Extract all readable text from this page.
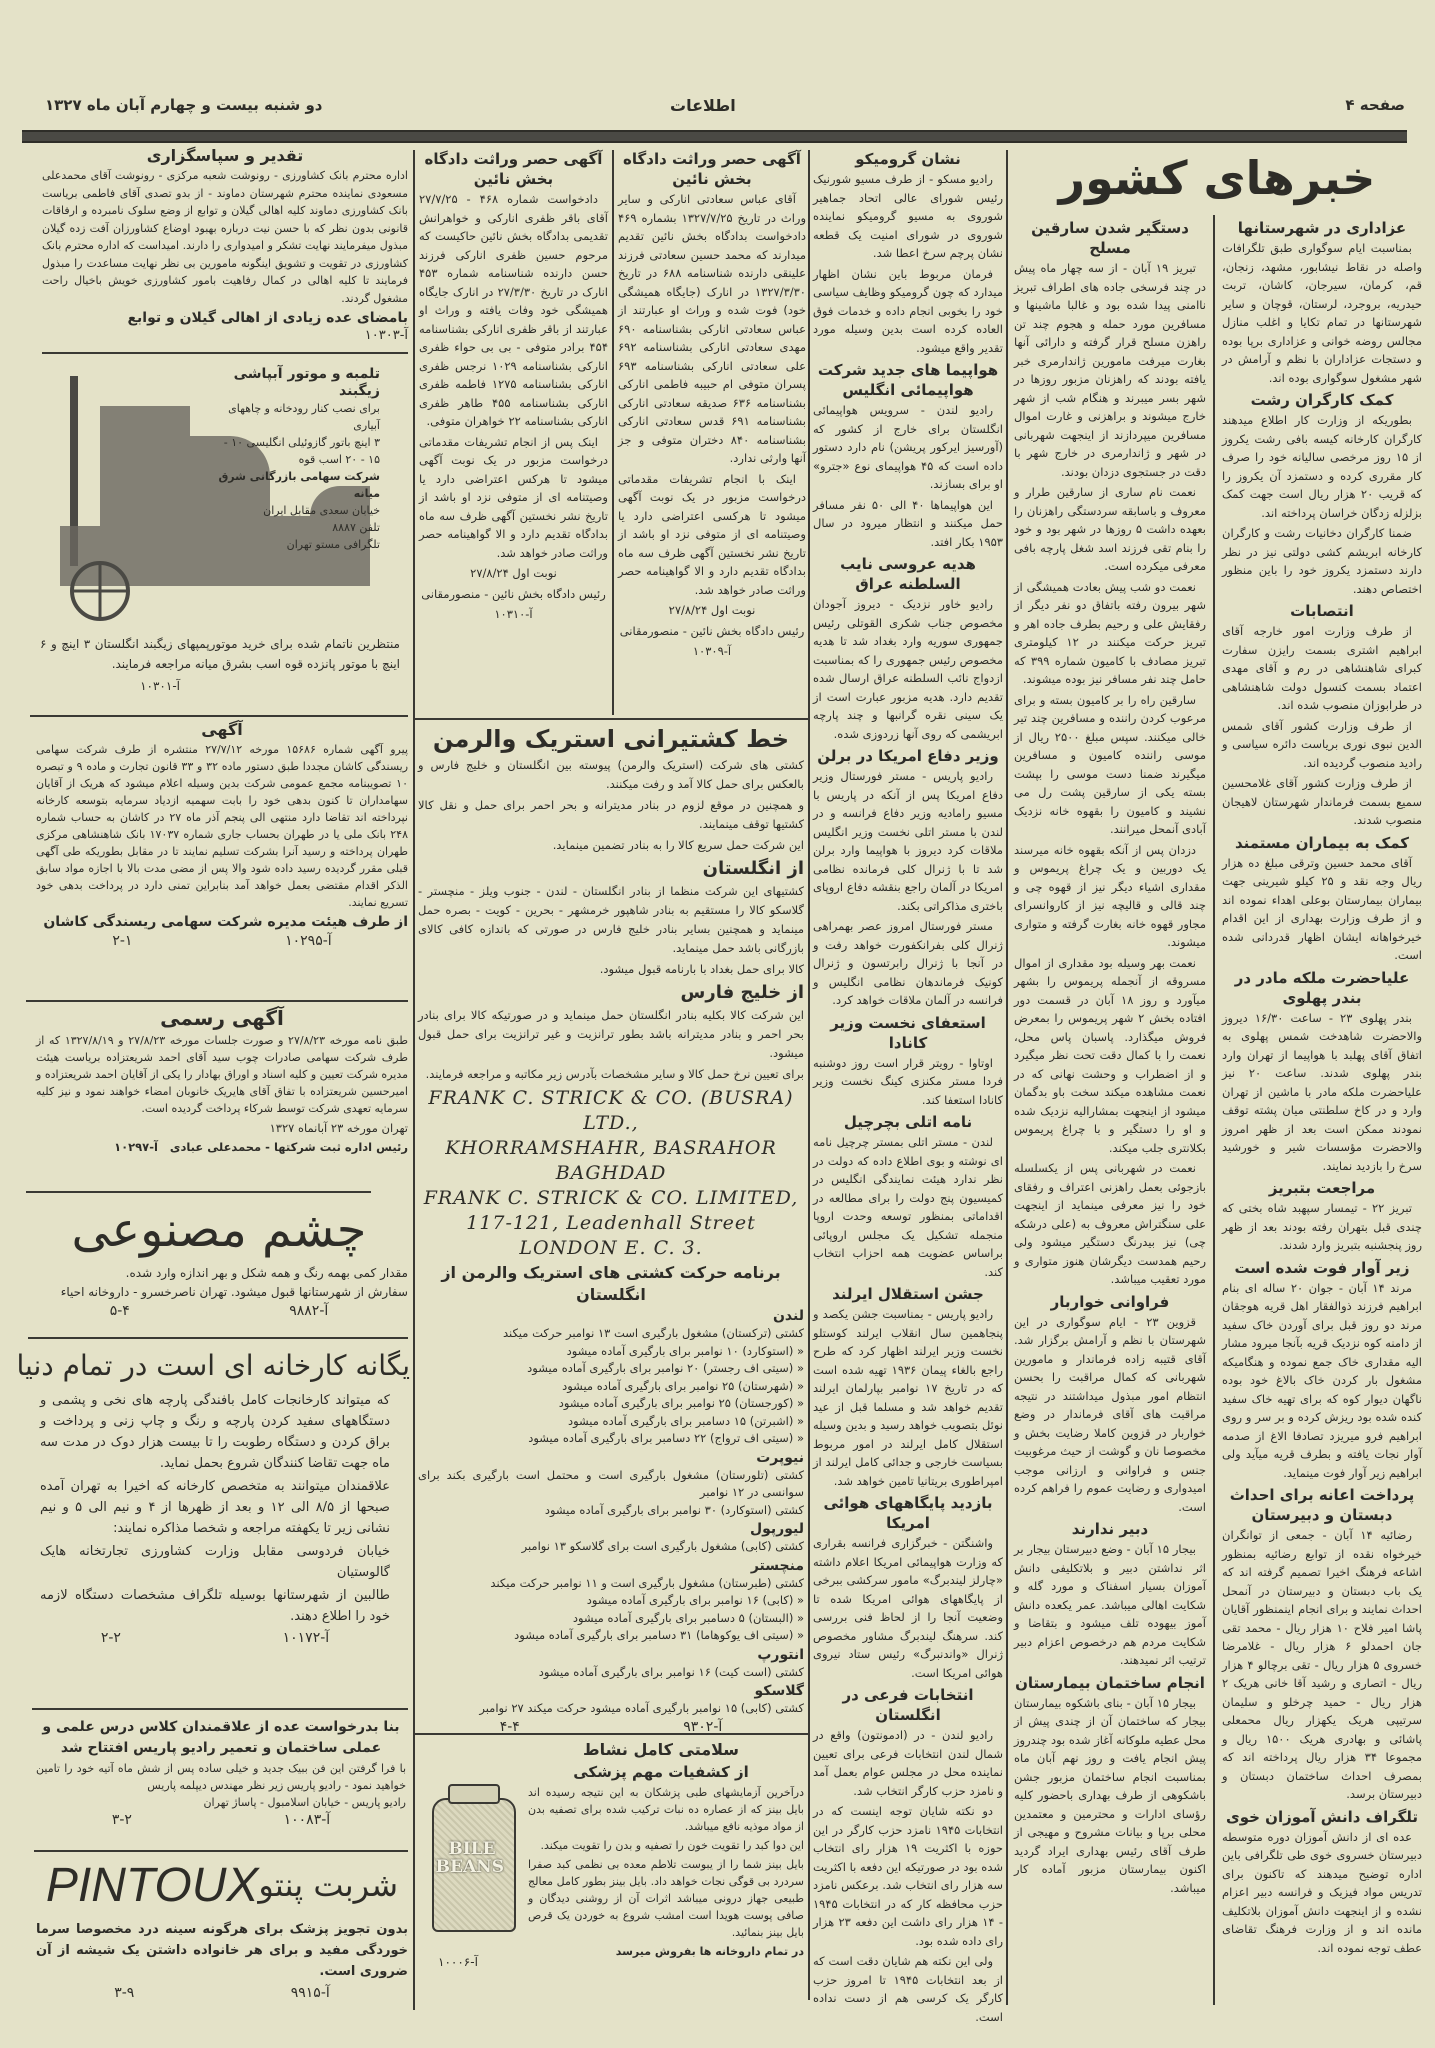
صفحه ۴
اطلاعات
دو شنبه بیست و چهارم آبان ماه ۱۳۲۷
خبرهای کشور
عزاداری در شهرستانها

بمناسبت ایام سوگواری طبق تلگرافات واصله در نقاط نیشابور، مشهد، زنجان، قم، کرمان، سیرجان، کاشان، تربت حیدریه، بروجرد، لرستان، قوچان و سایر شهرستانها در تمام تکایا و اغلب منازل مجالس روضه خوانی و عزاداری برپا بوده و دستجات عزاداران با نظم و آرامش در شهر مشغول سوگواری بوده اند.

کمک کارگران رشت

بطوریکه از وزارت کار اطلاع میدهند کارگران کارخانه کیسه بافی رشت یکروز از ۱۵ روز مرخصی سالیانه خود را صرف کار مقرری کرده و دستمزد آن یکروز را که قریب ۲۰ هزار ریال است جهت کمک بزلزله زدگان خراسان پرداخته اند.

ضمنا کارگران دخانیات رشت و کارگران کارخانه ابریشم کشی دولتی نیز در نظر دارند دستمزد یکروز خود را باین منظور اختصاص دهند.

انتصابات

از طرف وزارت امور خارجه آقای ابراهیم اشتری بسمت رایزن سفارت کبرای شاهنشاهی در رم و آقای مهدی اعتماد بسمت کنسول دولت شاهنشاهی در طرابوزان منصوب شده اند.

از طرف وزارت کشور آقای شمس الدین نبوی نوری بریاست دائره سیاسی و رادید منصوب گردیده اند.

از طرف وزارت کشور آقای غلامحسین سمیع بسمت فرماندار شهرستان لاهیجان منصوب شدند.

کمک به بیماران مستمند

آقای محمد حسین وترقی مبلغ ده هزار ریال وجه نقد و ۲۵ کیلو شیرینی جهت بیماران بیمارستان بوعلی اهداء نموده اند و از طرف وزارت بهداری از این اقدام خیرخواهانه ایشان اظهار قدردانی شده است.

علیاحضرت ملکه مادر در بندر پهلوی

بندر پهلوی ۲۳ - ساعت ۱۶/۳۰ دیروز والاحضرت شاهدخت شمس پهلوی به اتفاق آقای پهلبد با هواپیما از تهران وارد بندر پهلوی شدند. ساعت ۲۰ نیز علیاحضرت ملکه مادر با ماشین از تهران وارد و در کاخ سلطنتی میان پشته توقف نمودند ممکن است بعد از ظهر امروز والاحضرت مؤسسات شیر و خورشید سرخ را بازدید نمایند.

مراجعت بتبریز

تبریز ۲۲ - تیمسار سپهبد شاه بختی که چندی قبل بتهران رفته بودند بعد از ظهر روز پنجشنبه بتبریز وارد شدند.

زیر آوار فوت شده است

مرند ۱۴ آبان - جوان ۲۰ ساله ای بنام ابراهیم فرزند ذوالفقار اهل قریه هوجقان مرند دو روز قبل برای آوردن خاک سفید از دامنه کوه نزدیک قریه بآنجا میرود مشار الیه مقداری خاک جمع نموده و هنگامیکه مشغول بار کردن خاک بالاغ خود بوده ناگهان دیوار کوه که برای تهیه خاک سفید کنده شده بود ریزش کرده و بر سر و روی ابراهیم فرو میریزد تصادفا الاغ از صدمه آوار نجات یافته و بطرف قریه میآید ولی ابراهیم زیر آوار فوت مینماید.

پرداخت اعانه برای احداث دبستان و دبیرستان

رضائیه ۱۴ آبان - جمعی از توانگران خیرخواه نقده از توابع رضائیه بمنظور اشاعه فرهنگ اخیرا تصمیم گرفته اند که یک باب دبستان و دبیرستان در آنمحل احداث نمایند و برای انجام اینمنظور آقایان پاشا امیر فلاح ۱۰ هزار ریال - محمد تقی جان احمدلو ۶ هزار ریال - غلامرضا خسروی ۵ هزار ریال - تقی برچالو ۴ هزار ریال - اتصاری و رشید آقا خانی هریک ۲ هزار ریال - حمید چرخلو و سلیمان سرتیپی هریک یکهزار ریال محمعلی پاشائی و بهادری هریک ۱۵۰۰ ریال و مجموعا ۳۴ هزار ریال پرداخته اند که بمصرف احداث ساختمان دبستان و دبیرستان برسد.

تلگراف دانش آموزان خوی

عده ای از دانش آموزان دوره متوسطه دبیرستان خسروی خوی طی تلگرافی باین اداره توضیح میدهند که تاکنون برای تدریس مواد فیزیک و فرانسه دبیر اعزام نشده و از اینجهت دانش آموزان بلاتکلیف مانده اند و از وزارت فرهنگ تقاضای عطف توجه نموده اند.

دستگیر شدن سارقین مسلح

تبریز ۱۹ آبان - از سه چهار ماه پیش در چند فرسخی جاده های اطراف تبریز ناامنی پیدا شده بود و غالبا ماشینها و مسافرین مورد حمله و هجوم چند تن راهزن مسلح قرار گرفته و دارائی آنها بغارت میرفت مامورین ژاندارمری خبر یافته بودند که راهزنان مزبور روزها در شهر بسر میبرند و هنگام شب از شهر خارج میشوند و براهزنی و غارت اموال مسافرین میپردازند از اینجهت شهربانی در شهر و ژاندارمری در خارج شهر با دقت در جستجوی دزدان بودند.

نعمت نام ساری از سارقین طرار و معروف و باسابقه سردستگی راهزنان را بعهده داشت ۵ روزها در شهر بود و خود را بنام تقی فرزند اسد شغل پارچه بافی معرفی میکرده است.

نعمت دو شب پیش بعادت همیشگی از شهر بیرون رفته باتفاق دو نفر دیگر از رفقایش علی و رحیم بطرف جاده اهر و تبریز حرکت میکنند در ۱۲ کیلومتری تبریز مصادف با کامیون شماره ۳۹۹ که حامل چند نفر مسافر نیز بوده میشوند.

سارقین راه را بر کامیون بسته و برای مرعوب کردن راننده و مسافرین چند تیر خالی میکنند. سپس مبلغ ۲۵۰۰ ریال از موسی راننده کامیون و مسافرین میگیرند ضمنا دست موسی را بپشت بسته یکی از سارقین پشت رل می نشیند و کامیون را بقهوه خانه نزدیک آبادی آنمحل میرانند.

دزدان پس از آنکه بقهوه خانه میرسند یک دوربین و یک چراغ پریموس و مقداری اشیاء دیگر نیز از قهوه چی و چند قالی و قالیچه نیز از کاروانسرای مجاور قهوه خانه بغارت گرفته و متواری میشوند.

نعمت بهر وسیله بود مقداری از اموال مسروقه از آنجمله پریموس را بشهر میآورد و روز ۱۸ آبان در قسمت دور افتاده بخش ۲ شهر پریموس را بمعرض فروش میگذارد. پاسبان پاس محل، نعمت را با کمال دقت تحت نظر میگیرد و از اضطراب و وحشت نهانی که در نعمت مشاهده میکند سخت باو بدگمان میشود از اینجهت بمشارالیه نزدیک شده و او را دستگیر و با چراغ پریموس بکلانتری جلب میکند.

نعمت در شهربانی پس از یکسلسله بازجوئی بعمل راهزنی اعتراف و رفقای خود را نیز معرفی مینماید از اینجهت علی سنگتراش معروف به (علی درشکه چی) نیز بیدرنگ دستگیر میشود ولی رحیم همدست دیگرشان هنوز متواری و مورد تعقیب میباشد.

فراوانی خواربار

قزوین ۲۳ - ایام سوگواری در این شهرستان با نظم و آرامش برگزار شد. آقای قتیبه زاده فرماندار و مامورین شهربانی که کمال مراقبت را بحسن انتظام امور مبذول میداشتند در نتیجه مراقبت های آقای فرماندار در وضع خواربار در قزوین کاملا رضایت بخش و مخصوصا نان و گوشت از حیث مرغوبیت جنس و فراوانی و ارزانی موجب امیدواری و رضایت عموم را فراهم کرده است.

دبیر ندارند

بیجار ۱۵ آبان - وضع دبیرستان بیجار بر اثر نداشتن دبیر و بلاتکلیفی دانش آموزان بسیار اسفناک و مورد گله و شکایت اهالی میباشد. عمر یکعده دانش آموز بیهوده تلف میشود و بتقاضا و شکایت مردم هم درخصوص اعزام دبیر ترتیب اثر نمیدهند.

انجام ساختمان بیمارستان

بیجار ۱۵ آبان - بنای باشکوه بیمارستان بیجار که ساختمان آن از چندی پیش از محل عطیه ملوکانه آغاز شده بود چندروز پیش انجام یافت و روز نهم آبان ماه بمناسبت انجام ساختمان مزبور جشن باشکوهی از طرف بهداری باحضور کلیه رؤسای ادارات و محترمین و معتمدین محلی برپا و بیانات مشروح و مهیجی از طرف آقای رئیس بهداری ایراد گردید اکنون بیمارستان مزبور آماده کار میباشد.

نشان گرومیکو

رادیو مسکو - از طرف مسیو شورنیک رئیس شورای عالی اتحاد جماهیر شوروی به مسیو گرومیکو نماینده شوروی در شورای امنیت یک قطعه نشان پرچم سرخ اعطا شد.

فرمان مربوط باین نشان اظهار میدارد که چون گرومیکو وظایف سیاسی خود را بخوبی انجام داده و خدمات فوق العاده کرده است بدین وسیله مورد تقدیر واقع میشود.

هواپیما های جدید شرکت هواپیمائی انگلیس

رادیو لندن - سرویس هواپیمائی انگلستان برای خارج از کشور که (آورسیز ایرکور پریشن) نام دارد دستور داده است که ۴۵ هواپیمای نوع «جترو» او برای بسازند.

این هواپیماها ۴۰ الی ۵۰ نفر مسافر حمل میکنند و انتظار میرود در سال ۱۹۵۳ بکار افتد.

هدیه عروسی نایب السلطنه عراق

رادیو خاور نزدیک - دیروز آجودان مخصوص جناب شکری القوتلی رئیس جمهوری سوریه وارد بغداد شد تا هدیه مخصوص رئیس جمهوری را که بمناسبت ازدواج نائب السلطنه عراق ارسال شده تقدیم دارد. هدیه مزبور عبارت است از یک سینی نقره گرانبها و چند پارچه ابریشمی که روی آنها زردوزی شده.

وزیر دفاع امریکا در برلن

رادیو پاریس - مستر فورستال وزیر دفاع امریکا پس از آنکه در پاریس با مسیو رامادیه وزیر دفاع فرانسه و در لندن با مستر اتلی نخست وزیر انگلیس ملاقات کرد دیروز با هواپیما وارد برلن شد تا با ژنرال کلی فرمانده نظامی امریکا در آلمان راجع بنقشه دفاع اروپای باختری مذاکراتی بکند.

مستر فورستال امروز عصر بهمراهی ژنرال کلی بفرانکفورت خواهد رفت و در آنجا با ژنرال رابرتسون و ژنرال کونیک فرماندهان نظامی انگلیس و فرانسه در آلمان ملاقات خواهد کرد.

استعفای نخست وزیر کانادا

اوتاوا - رویتر قرار است روز دوشنبه فردا مستر مکنزی کینگ نخست وزیر کانادا استعفا کند.

نامه اتلی بچرچیل

لندن - مستر اتلی بمستر چرچیل نامه ای نوشته و بوی اطلاع داده که دولت در نظر ندارد هیئت نمایندگی انگلیس در کمیسیون پنج دولت را برای مطالعه در اقداماتی بمنظور توسعه وحدت اروپا منجمله تشکیل یک مجلس اروپائی براساس عضویت همه احزاب انتخاب کند.

جشن استقلال ایرلند

رادیو پاریس - بمناسبت جشن یکصد و پنجاهمین سال انقلاب ایرلند کوستلو نخست وزیر ایرلند اظهار کرد که طرح راجع بالغاء پیمان ۱۹۳۶ تهیه شده است که در تاریخ ۱۷ نوامبر بپارلمان ایرلند تقدیم خواهد شد و مسلما قبل از عید نوئل بتصویب خواهد رسید و بدین وسیله استقلال کامل ایرلند در امور مربوط بسیاست خارجی و جدائی کامل ایرلند از امپراطوری بریتانیا تامین خواهد شد.

بازدید پایگاههای هوائی امریکا

واشنگتن - خبرگزاری فرانسه بقراری که وزارت هواپیمائی امریکا اعلام داشته «چارلز لیندبرگ» مامور سرکشی ببرخی از پایگاههای هوائی امریکا شده تا وضعیت آنجا را از لحاظ فنی بررسی کند. سرهنگ لیندبرگ مشاور مخصوص ژنرال «واندنبرگ» رئیس ستاد نیروی هوائی امریکا است.

انتخابات فرعی در انگلستان

رادیو لندن - در (ادمونتون) واقع در شمال لندن انتخابات فرعی برای تعیین نماینده محل در مجلس عوام بعمل آمد و نامزد حزب کارگر انتخاب شد.

دو نکته شایان توجه اینست که در انتخابات ۱۹۴۵ نامزد حزب کارگر در این حوزه با اکثریت ۱۹ هزار رای انتخاب شده بود در صورتیکه این دفعه با اکثریت سه هزار رای انتخاب شد. برعکس نامزد حزب محافظه کار که در انتخابات ۱۹۴۵ - ۱۴ هزار رای داشت این دفعه ۲۳ هزار رای داده شده بود.

ولی این نکته هم شایان دقت است که از بعد انتخابات ۱۹۴۵ تا امروز حزب کارگر یک کرسی هم از دست نداده است.

آگهی حصر وراثت دادگاه بخش نائین

آقای عباس سعادتی انارکی و سایر وراث در تاریخ ۱۳۲۷/۷/۲۵ بشماره ۴۶۹ دادخواست بدادگاه بخش نائین تقدیم میدارند که محمد حسین سعادتی فرزند علینقی دارنده شناسنامه ۶۸۸ در تاریخ ۱۳۲۷/۳/۳۰ در انارک (جایگاه همیشگی خود) فوت شده و وراث او عبارتند از عباس سعادتی انارکی بشناسنامه ۶۹۰ مهدی سعادتی انارکی بشناسنامه ۶۹۲ علی سعادتی انارکی بشناسنامه ۶۹۳ پسران متوفی ام حبیبه فاطمی انارکی بشناسنامه ۶۳۶ صدیقه سعادتی انارکی بشناسنامه ۶۹۱ قدس سعادتی انارکی بشناسنامه ۸۴۰ دختران متوفی و جز آنها وارثی ندارد.

اینک با انجام تشریفات مقدماتی درخواست مزبور در یک نوبت آگهی میشود تا هرکسی اعتراضی دارد یا وصیتنامه ای از متوفی نزد او باشد از تاریخ نشر نخستین آگهی ظرف سه ماه بدادگاه تقدیم دارد و الا گواهینامه حصر وراثت صادر خواهد شد.

نوبت اول ۲۷/۸/۲۴

رئیس دادگاه بخش نائین - منصورمقانی

آ-۱۰۳۰۹

آگهی حصر وراثت دادگاه بخش نائین

دادخواست شماره ۴۶۸ - ۲۷/۷/۲۵ آقای باقر ظفری انارکی و خواهرانش تقدیمی بدادگاه بخش نائین حاکیست که مرحوم حسین ظفری انارکی فرزند حسن دارنده شناسنامه شماره ۴۵۳ انارک در تاریخ ۲۷/۳/۳۰ در انارک جایگاه همیشگی خود وفات یافته و وراث او عبارتند از باقر ظفری انارکی بشناسنامه ۴۵۴ برادر متوفی - بی بی حواء ظفری انارکی بشناسنامه ۱۰۲۹ نرجس ظفری انارکی بشناسنامه ۱۲۷۵ فاطمه ظفری انارکی بشناسنامه ۴۵۵ طاهر ظفری انارکی بشناسنامه ۲۲ خواهران متوفی.

اینک پس از انجام تشریفات مقدماتی درخواست مزبور در یک نوبت آگهی میشود تا هرکس اعتراضی دارد یا وصیتنامه ای از متوفی نزد او باشد از تاریخ نشر نخستین آگهی ظرف سه ماه بدادگاه تقدیم دارد و الا گواهینامه حصر وراثت صادر خواهد شد.

نوبت اول ۲۷/۸/۲۴

رئیس دادگاه بخش نائین - منصورمقانی

آ-۱۰۳۱۰

خط کشتیرانی استریک والرمن

کشتی های شرکت (استریک والرمن) پیوسته بین انگلستان و خلیج فارس و بالعکس برای حمل کالا آمد و رفت میکنند.

و همچنین در موقع لزوم در بنادر مدیترانه و بحر احمر برای حمل و نقل کالا کشتیها توقف مینمایند.

این شرکت حمل سریع کالا را به بنادر تضمین مینماید.

از انگلستان

کشتیهای این شرکت منظما از بنادر انگلستان - لندن - جنوب ویلز - منچستر - گلاسکو کالا را مستقیم به بنادر شاهپور خرمشهر - بحرین - کویت - بصره حمل مینماید و همچنین بسایر بنادر خلیج فارس در صورتی که باندازه کافی کالای بازرگانی باشد حمل مینماید.

کالا برای حمل بغداد با بارنامه قبول میشود.

از خلیج فارس

این شرکت کالا بکلیه بنادر انگلستان حمل مینماید و در صورتیکه کالا برای بنادر بحر احمر و بنادر مدیترانه باشد بطور ترانزیت و غیر ترانزیت برای حمل قبول میشود.

برای تعیین نرخ حمل کالا و سایر مشخصات بآدرس زیر مکاتبه و مراجعه فرمایند.

FRANK C. STRICK & CO. (BUSRA) LTD.,
KHORRAMSHAHR, BASRAHOR BAGHDAD
FRANK C. STRICK & CO. LIMITED,
117-121, Leadenhall Street
LONDON E. C. 3.
برنامه حرکت کشتی های استریک والرمن از انگلستان

لندن

کشتی (ترکستان) مشغول بارگیری است ۱۳ نوامبر حرکت میکند

« (استوکارد) ۱۰ نوامبر برای بارگیری آماده میشود

« (سیتی اف رجستر) ۲۰ نوامبر برای بارگیری آماده میشود

« (شهرستان) ۲۵ نوامبر برای بارگیری آماده میشود

« (کورجستان) ۲۵ نوامبر برای بارگیری آماده میشود

« (اشبرتن) ۱۵ دسامبر برای بارگیری آماده میشود

« (سیتی اف ترواج) ۲۲ دسامبر برای بارگیری آماده میشود

نیوپرت

کشتی (تلورستان) مشغول بارگیری است و محتمل است بارگیری بکند برای سوانسی در ۱۲ نوامبر

کشتی (استوکارد) ۳۰ نوامبر برای بارگیری آماده میشود

لیورپول

کشتی (کابی) مشغول بارگیری است برای گلاسکو ۱۳ نوامبر

منچستر

کشتی (طبرستان) مشغول بارگیری است و ۱۱ نوامبر حرکت میکند

« (کابی) ۱۶ نوامبر برای بارگیری آماده میشود

« (البستان) ۵ دسامبر برای بارگیری آماده میشود

« (سیتی اف یوکوهاما) ۳۱ دسامبر برای بارگیری آماده میشود

انتورپ

کشتی (است کیت) ۱۶ نوامبر برای بارگیری آماده میشود

گلاسکو

کشتی (کابی) ۱۵ نوامبر بارگیری آماده میشود حرکت میکند ۲۷ نوامبر

آ-۹۳۰۲
۴-۴
سلامتی کامل نشاط
از کشفیات مهم پزشکی

درآخرین آزمایشهای طبی پزشکان به این نتیجه رسیده اند بایل بینز که از عصاره ده نبات ترکیب شده برای تصفیه بدن از مواد موذیه نافع میباشد.

این دوا کبد را تقویت خون را تصفیه و بدن را تقویت میکند.

بایل بینز شما را از یبوست تلاطم معده بی نظمی کبد صفرا سردرد بی قوگی نجات خواهد داد. بایل بینز بطور کامل معالج طبیعی جهاز درونی میباشد اثرات آن از روشنی دیدگان و صافی پوست هویدا است امشب شروع به خوردن یک قرص بایل بینز بنمائید.

در تمام داروخانه ها بفروش میرسد

BILE BEANS
آ-۱۰۰۰۶
تقدیر و سپاسگزاری

اداره محترم بانک کشاورزی - رونوشت شعبه مرکزی - رونوشت آقای محمدعلی مسعودی نماینده محترم شهرستان دماوند - از بدو تصدی آقای فاطمی بریاست بانک کشاورزی دماوند کلیه اهالی گیلان و توابع از وضع سلوک نامبرده و ارفاقات قانونی بدون نظر که با حسن نیت درباره بهبود اوضاع کشاورزان آفت زده گیلان مبذول میفرمایند نهایت تشکر و امیدواری را دارند. امیداست که اداره محترم بانک کشاورزی در تقویت و تشویق اینگونه مامورین بی نظر نهایت مساعدت را مبذول فرمایند تا کلیه اهالی در کمال رفاهیت بامور کشاورزی خویش باخیال راحت مشغول گردند.

بامضای عده زیادی از اهالی گیلان و توابع

آ-۱۰۳۰۳

تلمبه و موتور آبپاشی زیگبند
برای نصب کنار رودخانه و چاههای آبیاری
۳ اینچ باتور گازوئیلی انگلیسی ۱۰ - ۱۵ - ۲۰ اسب قوه
شرکت سهامی بازرگانی شرق میانه
خیابان سعدی مقابل ایران
تلفن ۸۸۸۷
تلگرافی مستو تهران

منتظرین ناتمام شده برای خرید موتورپمپهای زیگبند انگلستان ۳ اینچ و ۶ اینچ با موتور پانزده قوه اسب بشرق میانه مراجعه فرمایند.

آ-۱۰۳۰۱

آگهی

پیرو آگهی شماره ۱۵۶۸۶ مورخه ۲۷/۷/۱۲ منتشره از طرف شرکت سهامی ریسندگی کاشان مجددا طبق دستور ماده ۳۲ و ۳۳ قانون تجارت و ماده ۹ و تبصره ۱۰ تصویبنامه مجمع عمومی شرکت بدین وسیله اعلام میشود که هریک از آقایان سهامداران تا کنون بدهی خود را بابت سهمیه ازدیاد سرمایه بتوسعه کارخانه نپرداخته اند تقاضا دارد منتهی الی پنجم آذر ماه ۲۷ در کاشان به حساب شماره ۲۴۸ بانک ملی یا در طهران بحساب جاری شماره ۱۷۰۳۷ بانک شاهنشاهی مرکزی طهران پرداخته و رسید آنرا بشرکت تسلیم نمایند تا در مقابل بطوریکه طی آگهی قبلی مقرر گردیده رسید داده شود والا پس از مضی مدت بالا با اجازه مواد سابق الذکر اقدام مقتضی بعمل خواهد آمد بنابراین تمنی دارد در پرداخت بدهی خود تسریع نمایند.

از طرف هیئت مدیره شرکت سهامی ریسندگی کاشان

آ-۱۰۲۹۵
۲-۱
آگهی رسمی

طبق نامه مورخه ۲۷/۸/۲۳ و صورت جلسات مورخه ۲۷/۸/۲۳ و ۱۳۲۷/۸/۱۹ که از طرف شرکت سهامی صادرات چوب سید آقای احمد شریعتزاده بریاست هیئت مدیره شرکت تعیین و کلیه اسناد و اوراق بهادار را یکی از آقایان احمد شریعتزاده و امیرحسین شریعتزاده با تفاق آقای هایریک خانوبان امضاء خواهند نمود و نیز کلیه سرمایه تعهدی شرکت توسط شرکاء پرداخت گردیده است.

تهران مورخه ۲۳ آبانماه ۱۳۲۷

رئیس اداره ثبت شرکتها - محمدعلی عبادی   آ-۱۰۲۹۷

چشم مصنوعی

مقدار کمی بهمه رنگ و همه شکل و بهر اندازه وارد شده.

سفارش از شهرستانها قبول میشود. تهران ناصرخسرو - داروخانه احیاء

آ-۹۸۸۲
۵-۴
یگانه کارخانه ای است در تمام دنیا

که میتواند کارخانجات کامل بافندگی پارچه های نخی و پشمی و دستگاههای سفید کردن پارچه و رنگ و چاپ زنی و پرداخت و براق کردن و دستگاه رطوبت را تا بیست هزار دوک در مدت سه ماه جهت تقاضا کنندگان شروع بحمل نماید.

علاقمندان میتوانند به متخصص کارخانه که اخیرا به تهران آمده صبحها از ۸/۵ الی ۱۲ و بعد از ظهرها از ۴ و نیم الی ۵ و نیم نشانی زیر تا یکهفته مراجعه و شخصا مذاکره نمایند:

خیابان فردوسی مقابل وزارت کشاورزی تجارتخانه هایک گالوستیان

طالبین از شهرستانها بوسیله تلگراف مشخصات دستگاه لازمه خود را اطلاع دهند.

آ-۱۰۱۷۲
۲-۲
بنا بدرخواست عده از علاقمندان کلاس درس علمی و عملی ساختمان و تعمیر رادیو پاریس افتتاح شد

با فرا گرفتن این فن ببیک جدید و خیلی ساده پس از شش ماه آتیه خود را تامین خواهید نمود - رادیو پاریس زیر نظر مهندس دیپلمه پاریس

رادیو پاریس - خیابان اسلامبول - پاساژ تهران

آ-۱۰۰۸۳
۳-۲
شربت پنتو
PINTOUX

بدون تجویز پزشک برای هرگونه سینه درد مخصوصا سرما خوردگی مفید و برای هر خانواده داشتن یک شیشه از آن ضروری است.

آ-۹۹۱۵
۳-۹
